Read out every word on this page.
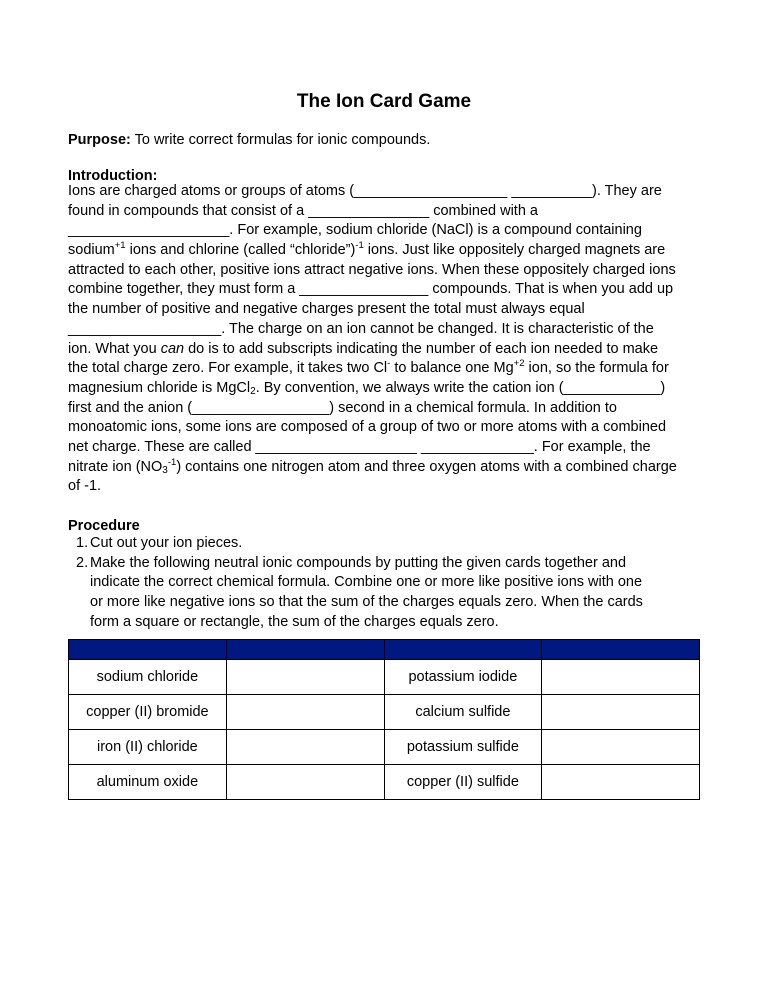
The Ion Card Game

Purpose: To write correct formulas for ionic compounds.

Introduction:

Ions are charged atoms or groups of atoms (___________________ __________). They are
found in compounds that consist of a _______________ combined with a
____________________. For example, sodium chloride (NaCl) is a compound containing
sodium$^{+1}$ ions and chlorine (called “chloride”)$^{-1}$ ions. Just like oppositely charged magnets are
attracted to each other, positive ions attract negative ions. When these oppositely charged ions
combine together, they must form a ________________ compounds. That is when you add up
the number of positive and negative charges present the total must always equal
___________________. The charge on an ion cannot be changed. It is characteristic of the
ion. What you can do is to add subscripts indicating the number of each ion needed to make
the total charge zero. For example, it takes two Cl- to balance one $Mg^{+2}$ ion, so the formula for
magnesium chloride is MgCl$_2$. By convention, we always write the cation ion (____________)
first and the anion (_________________) second in a chemical formula. In addition to
monoatomic ions, some ions are composed of a group of two or more atoms with a combined
net charge. These are called ____________________ ______________. For example, the
nitrate ion $(NO_3^{-1})$ contains one nitrogen atom and three oxygen atoms with a combined charge
of -1.

Procedure

1. Cut out your ion pieces.
2. Make the following neutral ionic compounds by putting the given cards together and
indicate the correct chemical formula. Combine one or more like positive ions with one
or more like negative ions so that the sum of the charges equals zero. When the cards
form a square or rectangle, the sum of the charges equals zero.
NAME	Formula	NAME	Formula
sodium chloride		potassium iodide	
copper (II) bromide		calcium sulfide	
iron (II) chloride		potassium sulfide	
aluminum oxide		copper (II) sulfide	
